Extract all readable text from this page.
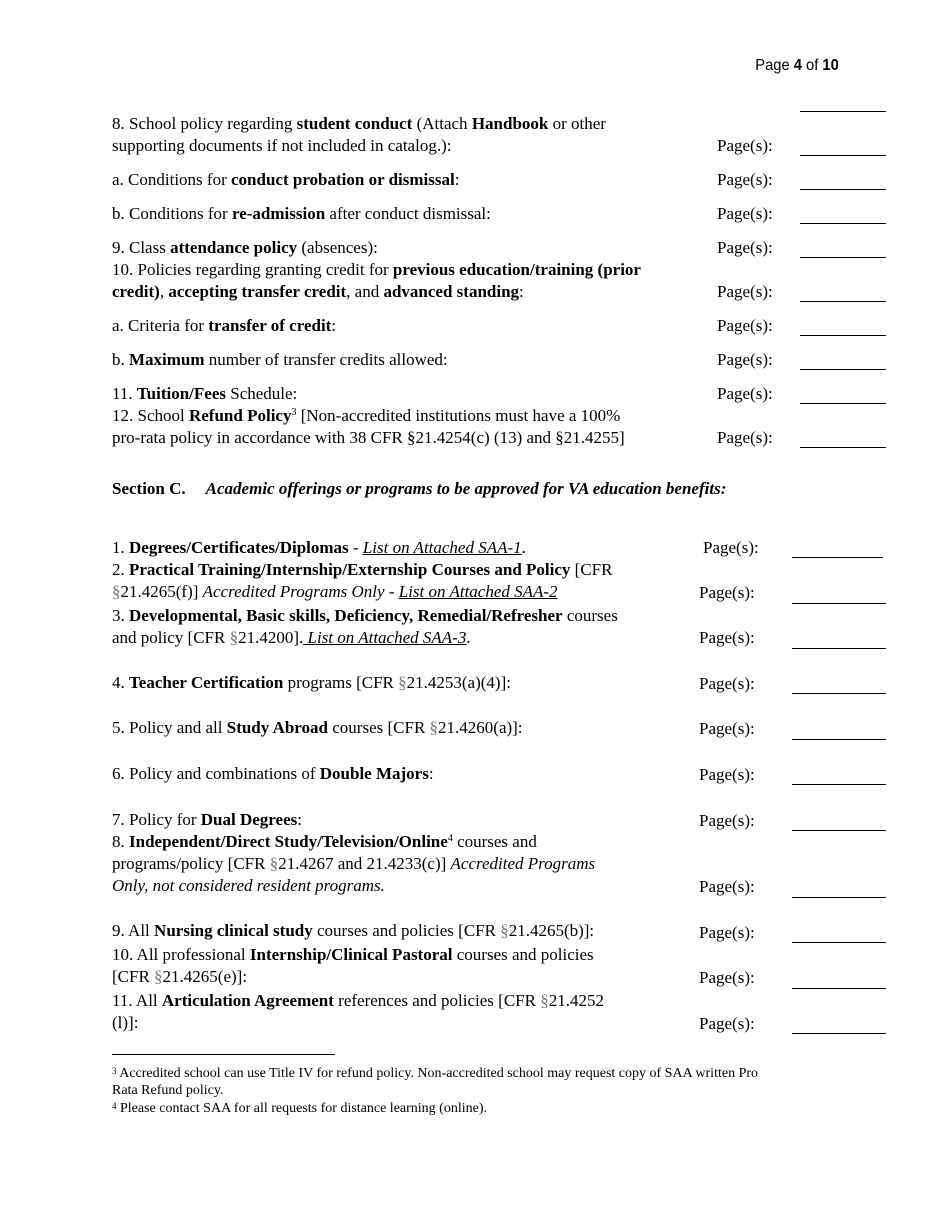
Page 4 of 10
8. School policy regarding student conduct (Attach Handbook or other
supporting documents if not included in catalog.):	Page(s):
a. Conditions for conduct probation or dismissal:	Page(s):
b. Conditions for re-admission after conduct dismissal:	Page(s):
9. Class attendance policy (absences):	Page(s):
10. Policies regarding granting credit for previous education/training (prior
credit), accepting transfer credit, and advanced standing:	Page(s):
a. Criteria for transfer of credit:	Page(s):
b. Maximum number of transfer credits allowed:	Page(s):
11. Tuition/Fees Schedule:	Page(s):
12. School Refund Policy$^3$ [Non-accredited institutions must have a 100%
pro-rata policy in accordance with 38 CFR §21.4254(c) (13) and §21.4255]	Page(s):
Section C. Academic offerings or programs to be approved for VA education benefits:
1. Degrees/Certificates/Diplomas - List on Attached SAA-1.	Page(s):
2. Practical Training/Internship/Externship Courses and Policy [CFR
§21.4265(f)] Accredited Programs Only - List on Attached SAA-2	Page(s):
3. Developmental, Basic skills, Deficiency, Remedial/Refresher courses
and policy [CFR §21.4200]. List on Attached SAA-3.	Page(s):
4. Teacher Certification programs [CFR §21.4253(a)(4)]:	Page(s):
5. Policy and all Study Abroad courses [CFR §21.4260(a)]:	Page(s):
6. Policy and combinations of Double Majors:	Page(s):
7. Policy for Dual Degrees:	Page(s):
8. Independent/Direct Study/Television/Online$^4$ courses and
programs/policy [CFR §21.4267 and 21.4233(c)] Accredited Programs
Only, not considered resident programs.	Page(s):
9. All Nursing clinical study courses and policies [CFR §21.4265(b)]:	Page(s):
10. All professional Internship/Clinical Pastoral courses and policies
[CFR §21.4265(e)]:	Page(s):
11. All Articulation Agreement references and policies [CFR §21.4252
(l)]:	Page(s):
$^3$ Accredited school can use Title IV for refund policy. Non-accredited school may request copy of SAA written Pro
Rata Refund policy.
$^4$ Please contact SAA for all requests for distance learning (online).
